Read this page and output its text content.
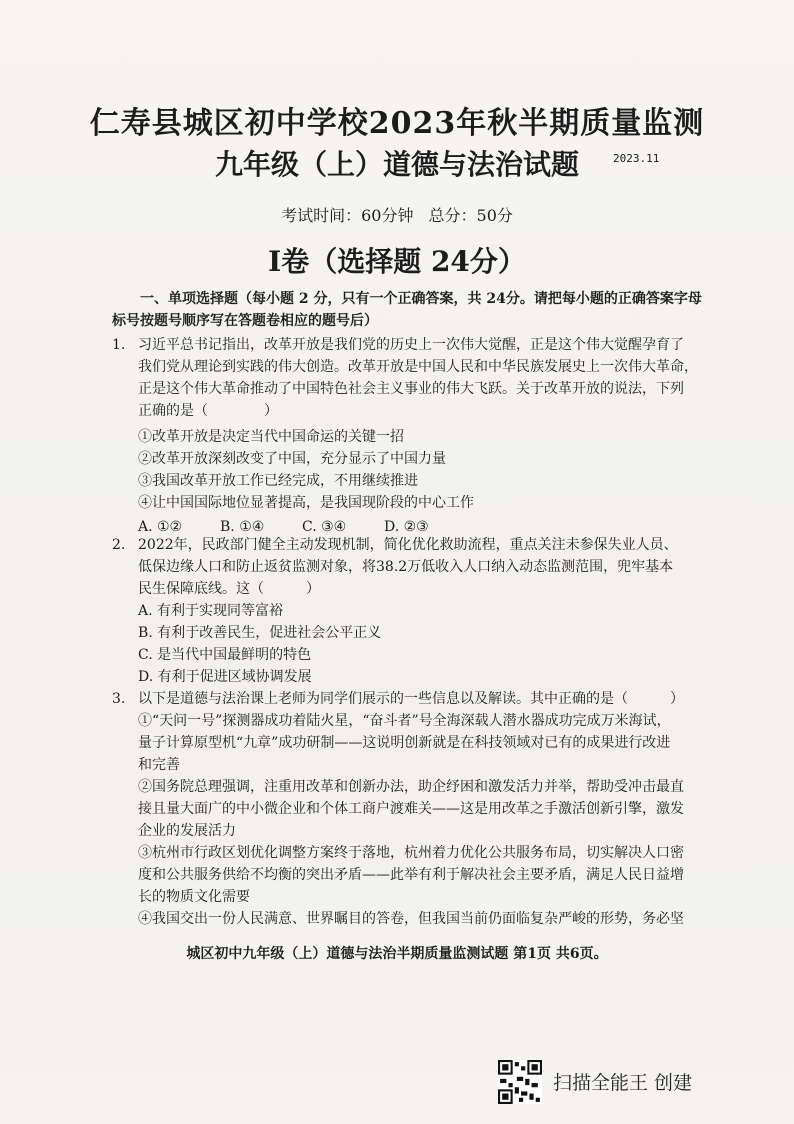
仁寿县城区初中学校2023年秋半期质量监测
九年级（上）道德与法治试题	2023.11
考试时间：60分钟 总分：50分
Ⅰ卷（选择题 24分）
一、单项选择题（每小题 2 分，只有一个正确答案，共 24分。请把每小题的正确答案字母标号按题号顺序写在答题卷相应的题号后）
1. 习近平总书记指出，改革开放是我们党的历史上一次伟大觉醒，正是这个伟大觉醒孕育了
我们党从理论到实践的伟大创造。改革开放是中国人民和中华民族发展史上一次伟大革命，
正是这个伟大革命推动了中国特色社会主义事业的伟大飞跃。关于改革开放的说法，下列
正确的是（　　　　）
①改革开放是决定当代中国命运的关键一招
②改革开放深刻改变了中国，充分显示了中国力量
③我国改革开放工作已经完成，不用继续推进
④让中国国际地位显著提高，是我国现阶段的中心工作
A. ①②	B. ①④	C. ③④	D. ②③
2. 2022年，民政部门健全主动发现机制，简化优化救助流程，重点关注未参保失业人员、
低保边缘人口和防止返贫监测对象，将38.2万低收入人口纳入动态监测范围，兜牢基本
民生保障底线。这（　　　）
A. 有利于实现同等富裕
B. 有利于改善民生，促进社会公平正义
C. 是当代中国最鲜明的特色
D. 有利于促进区域协调发展
3. 以下是道德与法治课上老师为同学们展示的一些信息以及解读。其中正确的是（　　　）
①“天问一号”探测器成功着陆火星，“奋斗者”号全海深载人潜水器成功完成万米海试，
量子计算原型机“九章”成功研制——这说明创新就是在科技领域对已有的成果进行改进
和完善
②国务院总理强调，注重用改革和创新办法，助企纾困和激发活力并举，帮助受冲击最直
接且量大面广的中小微企业和个体工商户渡难关——这是用改革之手激活创新引擎，激发
企业的发展活力
③杭州市行政区划优化调整方案终于落地，杭州着力优化公共服务布局，切实解决人口密
度和公共服务供给不均衡的突出矛盾——此举有利于解决社会主要矛盾，满足人民日益增
长的物质文化需要
④我国交出一份人民满意、世界瞩目的答卷，但我国当前仍面临复杂严峻的形势，务必坚
城区初中九年级（上）道德与法治半期质量监测试题 第1页 共6页。
扫描全能王 创建
